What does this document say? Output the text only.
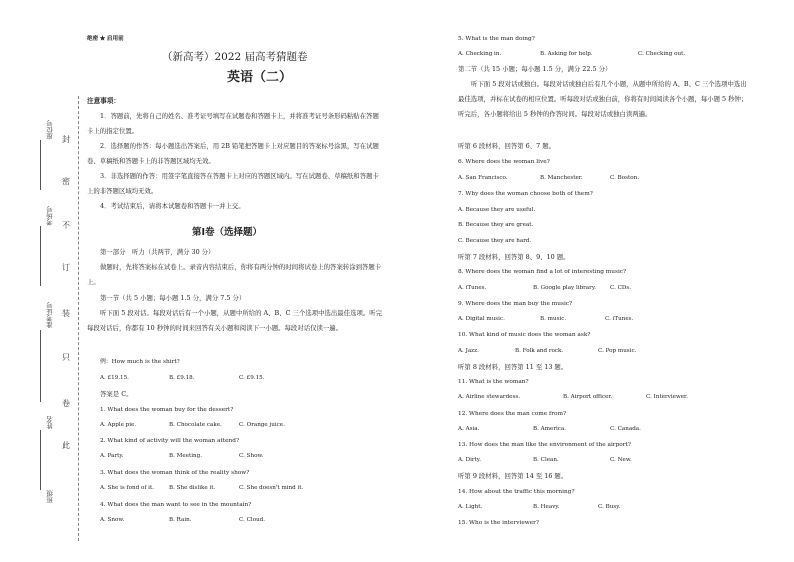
封
密
不
订
装
只
卷
此
座位号
考场号
准考证号
姓名
班级
绝密 ★ 启用前
（新高考）2022 届高考猜题卷
英语（二）
注意事项：
1．答题前，先将自己的姓名、准考证号填写在试题卷和答题卡上，并将准考证号条形码粘贴在答题卡上的指定位置。
2．选择题的作答：每小题选出答案后，用 2B 铅笔把答题卡上对应题目的答案标号涂黑，写在试题卷、草稿纸和答题卡上的非答题区域均无效。
3．非选择题的作答：用签字笔直接答在答题卡上对应的答题区域内。写在试题卷、草稿纸和答题卡上的非答题区域均无效。
4．考试结束后，请将本试题卷和答题卡一并上交。
第Ⅰ卷（选择题）
第一部分　听力（共两节，满分 30 分）
做题时，先将答案标在试卷上。录音内容结束后，你将有两分钟的时间将试卷上的答案转涂到答题卡上。
第一节（共 5 小题；每小题 1.5 分，满分 7.5 分）
听下面 5 段对话。每段对话后有一个小题，从题中所给的 A、B、C 三个选项中选出最佳选项。听完每段对话后，你都有 10 秒钟的时间来回答有关小题和阅读下一小题。每段对话仅读一遍。
例：How much is the shirt?
A. £19.15.	B. £9.18.	C. £9.15.
答案是 C。
1. What does the woman buy for the dessert?
A. Apple pie.	B. Chocolate cake.	C. Orange juice.
2. What kind of activity will the woman attend?
A. Party.	B. Meeting.	C. Show.
3. What does the woman think of the reality show?
A. She is fond of it.	B. She dislike it.	C. She doesn't mind it.
4. What does the man want to see in the mountain?
A. Snow.	B. Rain.	C. Cloud.
5. What is the man doing?
A. Checking in.	B. Asking for help.	C. Checking out.
第二节（共 15 小题；每小题 1.5 分，满分 22.5 分）
听下面 5 段对话或独白。每段对话或独白后有几个小题，从题中所给的 A、B、C 三个选项中选出最佳选项，并标在试卷的相应位置。听每段对话或独白前，你将有时间阅读各个小题，每小题 5 秒钟；听完后，各小题将给出 5 秒钟的作答时间。每段对话或独白读两遍。
听第 6 段材料，回答第 6、7 题。
6. Where does the woman live?
A. San Francisco.	B. Manchester.	C. Boston.
7. Why does the woman choose both of them?
A. Because they are useful.
B. Because they are great.
C. Because they are hard.
听第 7 段材料，回答第 8、9、10 题。
8. Where does the woman find a lot of interesting music?
A. iTunes.	B. Google play library. C. CDs.
9. Where does the man buy the music?
A. Digital music.	B. music.	C. iTunes.
10. What kind of music does the woman ask?
A. Jazz.	B. Folk and rock.	C. Pop music.
听第 8 段材料，回答第 11 至 13 题。
11. What is the woman?
A. Airline stewardess.	B. Airport officer.	C. Interviewer.
12. Where does the man come from?
A. Asia.	B. America.	C. Canada.
13. How does the man like the environment of the airport?
A. Dirty.	B. Clean.	C. New.
听第 9 段材料，回答第 14 至 16 题。
14. How about the traffic this morning?
A. Light.	B. Heavy.	C. Busy.
15. Who is the interviewer?
